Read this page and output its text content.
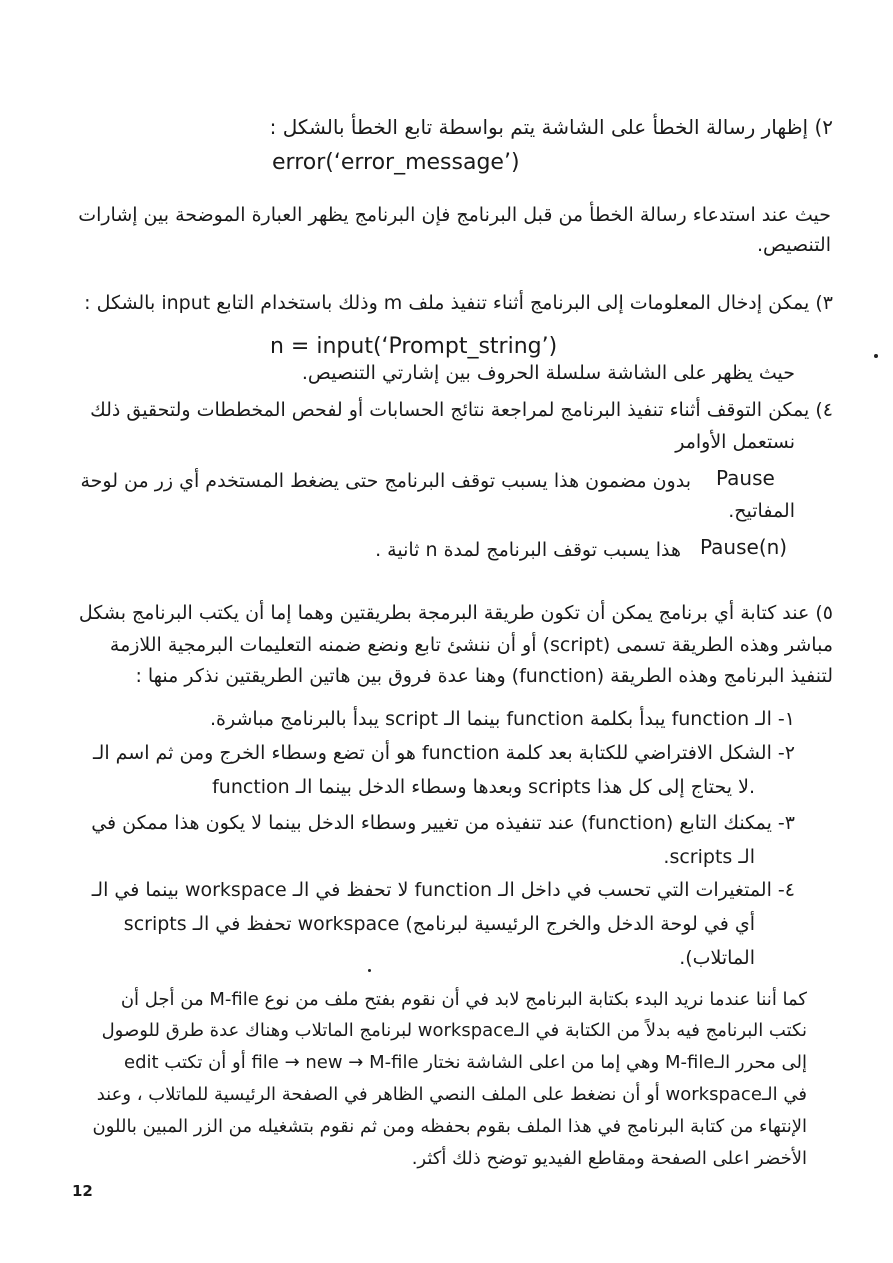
٢) إظهار رسالة الخطأ على الشاشة يتم بواسطة تابع الخطأ بالشكل :
error(‘error_message’)
حيث عند استدعاء رسالة الخطأ من قبل البرنامج فإن البرنامج يظهر العبارة الموضحة بين إشارات
التنصيص.
٣) يمكن إدخال المعلومات إلى البرنامج أثناء تنفيذ ملف m وذلك باستخدام التابع input بالشكل :
n = input(‘Prompt_string’)
حيث يظهر على الشاشة سلسلة الحروف بين إشارتي التنصيص.
٤) يمكن التوقف أثناء تنفيذ البرنامج لمراجعة نتائج الحسابات أو لفحص المخططات ولتحقيق ذلك
نستعمل الأوامر
Pause
بدون مضمون هذا يسبب توقف البرنامج حتى يضغط المستخدم أي زر من لوحة
المفاتيح.
Pause(n)
هذا يسبب توقف البرنامج لمدة n ثانية .
٥) عند كتابة أي برنامج يمكن أن تكون طريقة البرمجة بطريقتين وهما إما أن يكتب البرنامج بشكل
مباشر وهذه الطريقة تسمى (script) أو أن ننشئ تابع ونضع ضمنه التعليمات البرمجية اللازمة
لتنفيذ البرنامج وهذه الطريقة (function) وهنا عدة فروق بين هاتين الطريقتين نذكر منها :
١- الـ function يبدأ بكلمة function بينما الـ script يبدأ بالبرنامج مباشرة.
٢- الشكل الافتراضي للكتابة بعد كلمة function هو أن تضع وسطاء الخرج ومن ثم اسم الـ
function وبعدها وسطاء الدخل بينما الـ scripts لا يحتاج إلى كل هذا.
٣- يمكنك التابع (function) عند تنفيذه من تغيير وسطاء الدخل بينما لا يكون هذا ممكن في
الـ scripts.
٤- المتغيرات التي تحسب في داخل الـ function لا تحفظ في الـ workspace بينما في الـ
scripts تحفظ في الـ workspace (أي في لوحة الدخل والخرج الرئيسية لبرنامج
الماتلاب).
كما أننا عندما نريد البدء بكتابة البرنامج لابد في أن نقوم بفتح ملف من نوع M-file من أجل أن
نكتب البرنامج فيه بدلاً من الكتابة في الـworkspace لبرنامج الماتلاب وهناك عدة طرق للوصول
إلى محرر الـM-file وهي إما من اعلى الشاشة نختار file → new → M-file أو أن تكتب edit
في الـworkspace أو أن نضغط على الملف النصي الظاهر في الصفحة الرئيسية للماتلاب ، وعند
الإنتهاء من كتابة البرنامج في هذا الملف بقوم بحفظه ومن ثم نقوم بتشغيله من الزر المبين باللون
الأخضر اعلى الصفحة ومقاطع الفيديو توضح ذلك أكثر.
12
